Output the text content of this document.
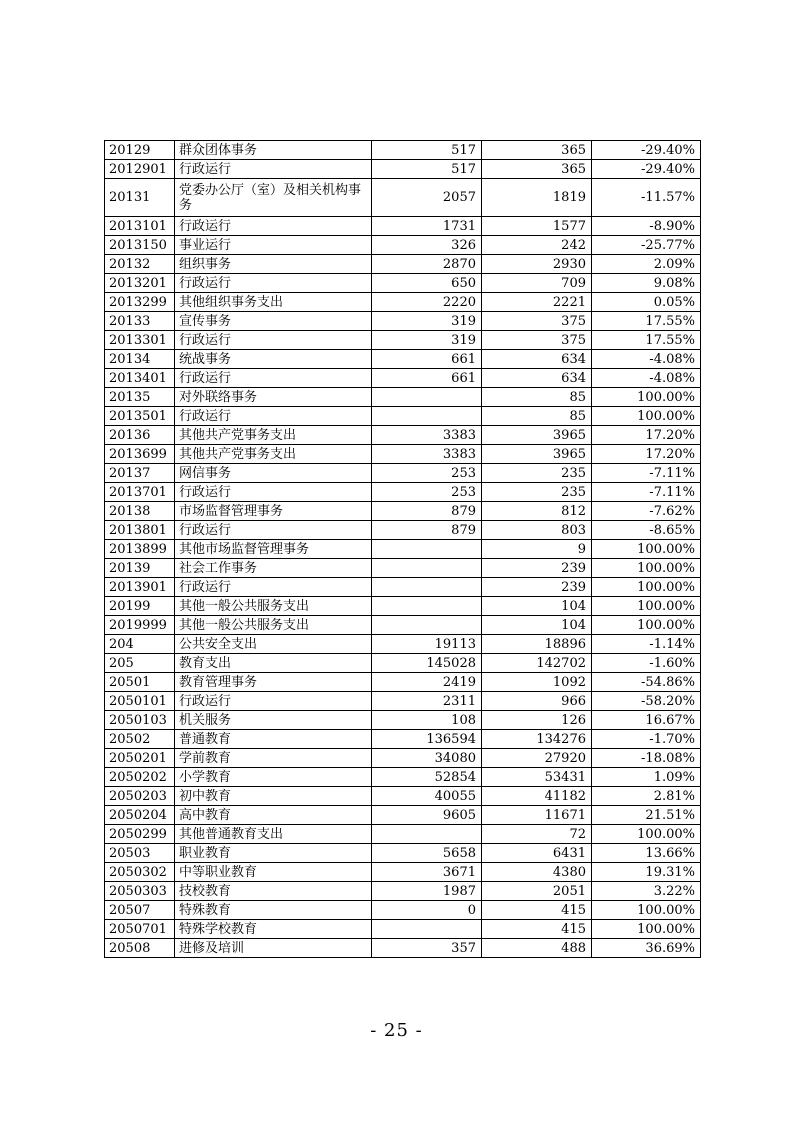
20129	群众团体事务	517	365	-29.40%
2012901	行政运行	517	365	-29.40%
20131	党委办公厅（室）及相关机构事务	2057	1819	-11.57%
2013101	行政运行	1731	1577	-8.90%
2013150	事业运行	326	242	-25.77%
20132	组织事务	2870	2930	2.09%
2013201	行政运行	650	709	9.08%
2013299	其他组织事务支出	2220	2221	0.05%
20133	宣传事务	319	375	17.55%
2013301	行政运行	319	375	17.55%
20134	统战事务	661	634	-4.08%
2013401	行政运行	661	634	-4.08%
20135	对外联络事务		85	100.00%
2013501	行政运行		85	100.00%
20136	其他共产党事务支出	3383	3965	17.20%
2013699	其他共产党事务支出	3383	3965	17.20%
20137	网信事务	253	235	-7.11%
2013701	行政运行	253	235	-7.11%
20138	市场监督管理事务	879	812	-7.62%
2013801	行政运行	879	803	-8.65%
2013899	其他市场监督管理事务		9	100.00%
20139	社会工作事务		239	100.00%
2013901	行政运行		239	100.00%
20199	其他一般公共服务支出		104	100.00%
2019999	其他一般公共服务支出		104	100.00%
204	公共安全支出	19113	18896	-1.14%
205	教育支出	145028	142702	-1.60%
20501	教育管理事务	2419	1092	-54.86%
2050101	行政运行	2311	966	-58.20%
2050103	机关服务	108	126	16.67%
20502	普通教育	136594	134276	-1.70%
2050201	学前教育	34080	27920	-18.08%
2050202	小学教育	52854	53431	1.09%
2050203	初中教育	40055	41182	2.81%
2050204	高中教育	9605	11671	21.51%
2050299	其他普通教育支出		72	100.00%
20503	职业教育	5658	6431	13.66%
2050302	中等职业教育	3671	4380	19.31%
2050303	技校教育	1987	2051	3.22%
20507	特殊教育	0	415	100.00%
2050701	特殊学校教育		415	100.00%
20508	进修及培训	357	488	36.69%
- 25 -
